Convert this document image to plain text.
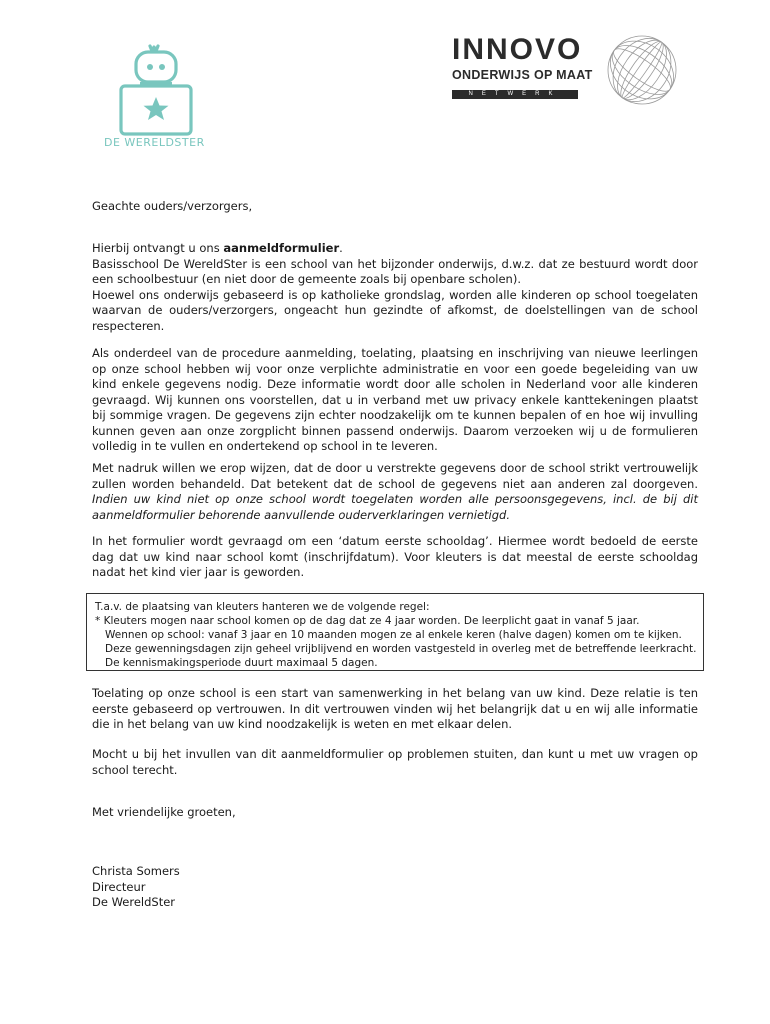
DE WERELDSTER
INNOVO
ONDERWIJS OP MAAT
NETWERK

Geachte ouders/verzorgers,

Hierbij ontvangt u ons aanmeldformulier.

Basisschool De WereldSter is een school van het bijzonder onderwijs, d.w.z. dat ze bestuurd wordt door een schoolbestuur (en niet door de gemeente zoals bij openbare scholen).

Hoewel ons onderwijs gebaseerd is op katholieke grondslag, worden alle kinderen op school toegelaten waarvan de ouders/verzorgers, ongeacht hun gezindte of afkomst, de doelstellingen van de school respecteren.

Als onderdeel van de procedure aanmelding, toelating, plaatsing en inschrijving van nieuwe leerlingen op onze school hebben wij voor onze verplichte administratie en voor een goede begeleiding van uw kind enkele gegevens nodig. Deze informatie wordt door alle scholen in Nederland voor alle kinderen gevraagd. Wij kunnen ons voorstellen, dat u in verband met uw privacy enkele kanttekeningen plaatst bij sommige vragen. De gegevens zijn echter noodzakelijk om te kunnen bepalen of en hoe wij invulling kunnen geven aan onze zorgplicht binnen passend onderwijs. Daarom verzoeken wij u de formulieren volledig in te vullen en ondertekend op school in te leveren.

Met nadruk willen we erop wijzen, dat de door u verstrekte gegevens door de school strikt vertrouwelijk zullen worden behandeld. Dat betekent dat de school de gegevens niet aan anderen zal doorgeven. Indien uw kind niet op onze school wordt toegelaten worden alle persoonsgegevens, incl. de bij dit aanmeldformulier behorende aanvullende ouderverklaringen vernietigd.

In het formulier wordt gevraagd om een ‘datum eerste schooldag’. Hiermee wordt bedoeld de eerste dag dat uw kind naar school komt (inschrijfdatum). Voor kleuters is dat meestal de eerste schooldag nadat het kind vier jaar is geworden.

T.a.v. de plaatsing van kleuters hanteren we de volgende regel:

* Kleuters mogen naar school komen op de dag dat ze 4 jaar worden. De leerplicht gaat in vanaf 5 jaar.

Wennen op school: vanaf 3 jaar en 10 maanden mogen ze al enkele keren (halve dagen) komen om te kijken. Deze gewenningsdagen zijn geheel vrijblijvend en worden vastgesteld in overleg met de betreffende leerkracht. De kennismakingsperiode duurt maximaal 5 dagen.

Toelating op onze school is een start van samenwerking in het belang van uw kind. Deze relatie is ten eerste gebaseerd op vertrouwen. In dit vertrouwen vinden wij het belangrijk dat u en wij alle informatie die in het belang van uw kind noodzakelijk is weten en met elkaar delen.

Mocht u bij het invullen van dit aanmeldformulier op problemen stuiten, dan kunt u met uw vragen op school terecht.

Met vriendelijke groeten,

Christa Somers

Directeur

De WereldSter
